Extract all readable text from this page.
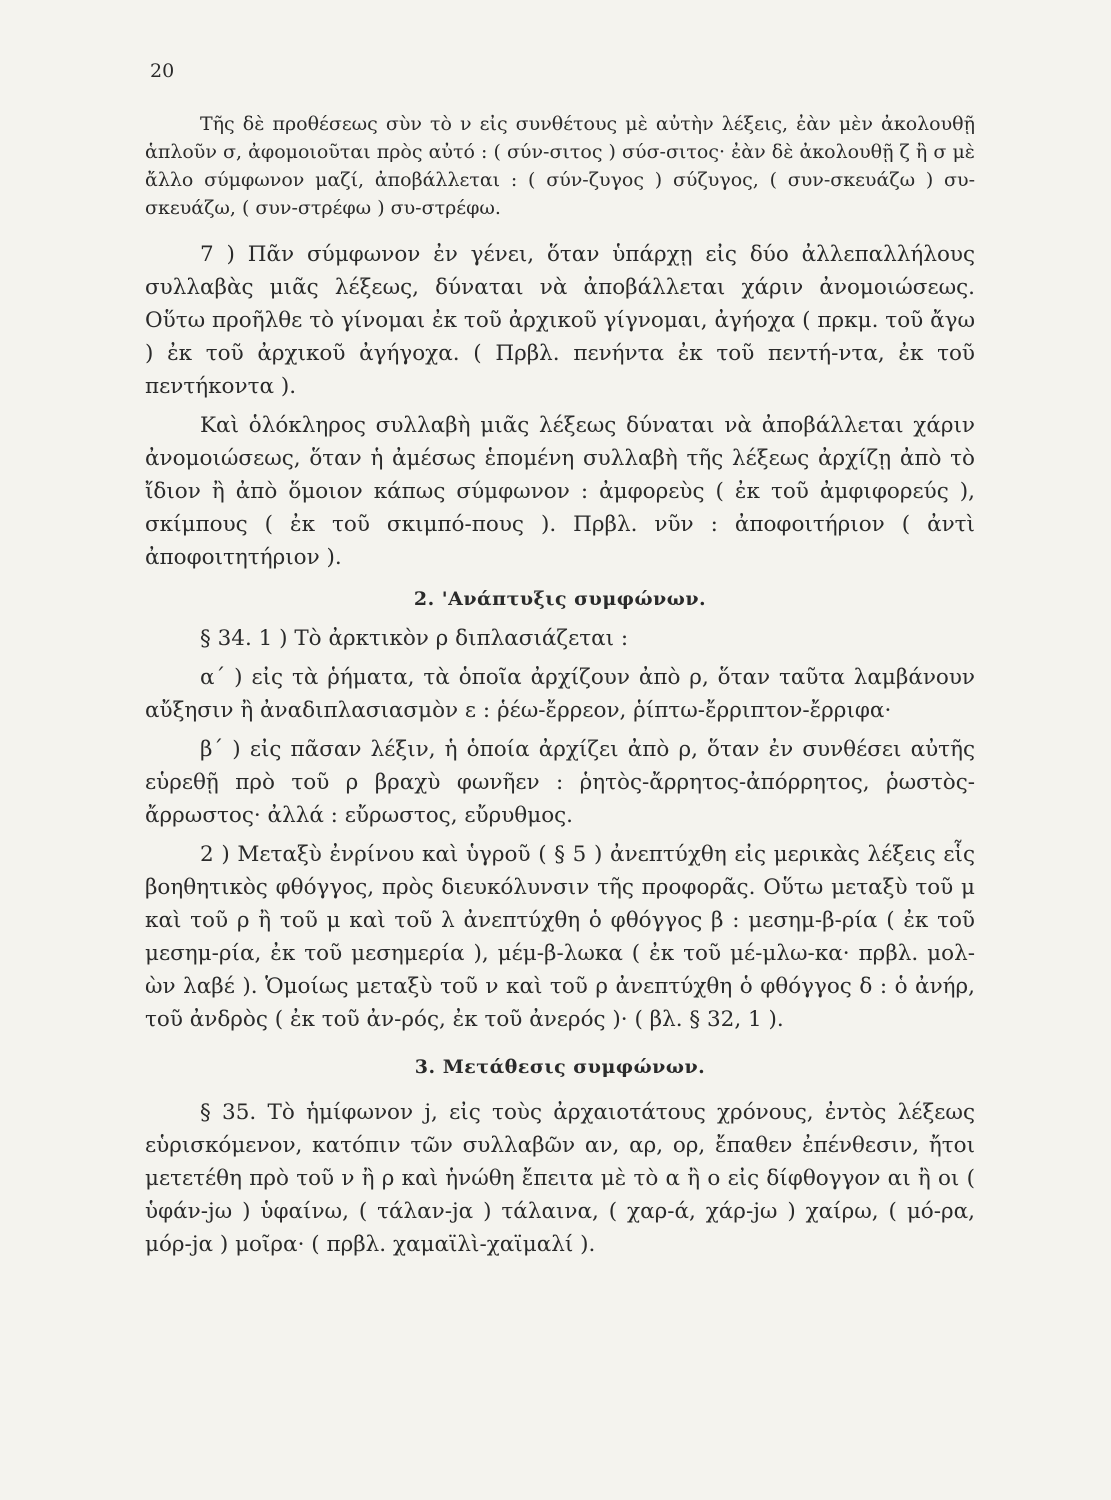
20

Τῆς δὲ προθέσεως σὺν τὸ ν εἰς συνθέτους μὲ αὐτὴν λέξεις, ἐὰν μὲν ἀκολουθῇ ἁπλοῦν σ, ἀφομοιοῦται πρὸς αὐτό : ( σύν-σιτος ) σύσ-σιτος· ἐὰν δὲ ἀκολουθῇ ζ ἢ σ μὲ ἄλλο σύμφωνον μαζί, ἀποβάλλεται : ( σύν-ζυγος ) σύζυγος, ( συν-σκευάζω ) συ-σκευάζω, ( συν-στρέφω ) συ-στρέφω.

7 ) Πᾶν σύμφωνον ἐν γένει, ὅταν ὑπάρχῃ εἰς δύο ἀλλεπαλλήλους συλλαβὰς μιᾶς λέξεως, δύναται νὰ ἀποβάλλεται χάριν ἀνομοιώσεως. Οὕτω προῆλθε τὸ γίνομαι ἐκ τοῦ ἀρχικοῦ γίγνομαι, ἀγήοχα ( πρκμ. τοῦ ἄγω ) ἐκ τοῦ ἀρχικοῦ ἀγήγοχα. ( Πρβλ. πενήντα ἐκ τοῦ πεντή-ντα, ἐκ τοῦ πεντήκοντα ).

Καὶ ὁλόκληρος συλλαβὴ μιᾶς λέξεως δύναται νὰ ἀποβάλλεται χάριν ἀνομοιώσεως, ὅταν ἡ ἀμέσως ἑπομένη συλλαβὴ τῆς λέξεως ἀρχίζῃ ἀπὸ τὸ ἴδιον ἢ ἀπὸ ὅμοιον κάπως σύμφωνον : ἀμφορεὺς ( ἐκ τοῦ ἀμφιφορεύς ), σκίμπους ( ἐκ τοῦ σκιμπό-πους ). Πρβλ. νῦν : ἀποφοιτήριον ( ἀντὶ ἀποφοιτητήριον ).

2. 'Ανάπτυξις συμφώνων.

§ 34. 1 ) Τὸ ἀρκτικὸν ρ διπλασιάζεται :

α΄ ) εἰς τὰ ῥήματα, τὰ ὁποῖα ἀρχίζουν ἀπὸ ρ, ὅταν ταῦτα λαμβάνουν αὔξησιν ἢ ἀναδιπλασιασμὸν ε : ῥέω-ἔρρεον, ῥίπτω-ἔρριπτον-ἔρριφα·

β΄ ) εἰς πᾶσαν λέξιν, ἡ ὁποία ἀρχίζει ἀπὸ ρ, ὅταν ἐν συνθέσει αὐτῆς εὑρεθῇ πρὸ τοῦ ρ βραχὺ φωνῆεν : ῥητὸς-ἄρρητος-ἀπόρρητος, ῥωστὸς-ἄρρωστος· ἀλλά : εὔρωστος, εὔρυθμος.

2 ) Μεταξὺ ἐνρίνου καὶ ὑγροῦ ( § 5 ) ἀνεπτύχθη εἰς μερικὰς λέξεις εἷς βοηθητικὸς φθόγγος, πρὸς διευκόλυνσιν τῆς προφορᾶς. Οὕτω μεταξὺ τοῦ μ καὶ τοῦ ρ ἢ τοῦ μ καὶ τοῦ λ ἀνεπτύχθη ὁ φθόγγος β : μεσημ-β-ρία ( ἐκ τοῦ μεσημ-ρία, ἐκ τοῦ μεσημερία ), μέμ-β-λωκα ( ἐκ τοῦ μέ-μλω-κα· πρβλ. μολ-ὼν λαβέ ). Ὁμοίως μεταξὺ τοῦ ν καὶ τοῦ ρ ἀνεπτύχθη ὁ φθόγγος δ : ὁ ἀνήρ, τοῦ ἀνδρὸς ( ἐκ τοῦ ἀν-ρός, ἐκ τοῦ ἀνερός )· ( βλ. § 32, 1 ).

3. Μετάθεσις συμφώνων.

§ 35. Τὸ ἡμίφωνον j, εἰς τοὺς ἀρχαιοτάτους χρόνους, ἐντὸς λέξεως εὑρισκόμενον, κατόπιν τῶν συλλαβῶν αν, αρ, ορ, ἔπαθεν ἐπένθεσιν, ἤτοι μετετέθη πρὸ τοῦ ν ἢ ρ καὶ ἡνώθη ἔπειτα μὲ τὸ α ἢ ο εἰς δίφθογγον αι ἢ οι ( ὑφάν-jω ) ὑφαίνω, ( τάλαν-jα ) τάλαινα, ( χαρ-ά, χάρ-jω ) χαίρω, ( μό-ρα, μόρ-jα ) μοῖρα· ( πρβλ. χαμαϊλὶ-χαϊμαλί ).
